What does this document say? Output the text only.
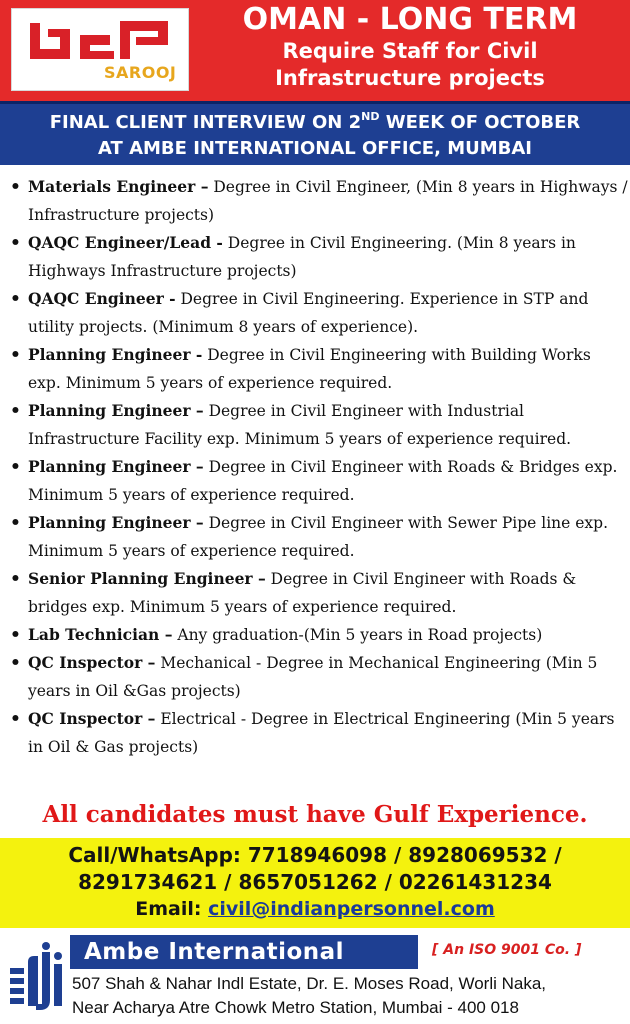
SAROOJ
OMAN - LONG TERM
Require Staff for Civil
Infrastructure projects
FINAL CLIENT INTERVIEW ON 2ND WEEK OF OCTOBER
AT AMBE INTERNATIONAL OFFICE, MUMBAI
• Materials Engineer – Degree in Civil Engineer, (Min 8 years in Highways / Infrastructure projects)
• QAQC Engineer/Lead - Degree in Civil Engineering. (Min 8 years in Highways Infrastructure projects)
• QAQC Engineer - Degree in Civil Engineering. Experience in STP and utility projects. (Minimum 8 years of experience).
• Planning Engineer - Degree in Civil Engineering with Building Works exp. Minimum 5 years of experience required.
• Planning Engineer – Degree in Civil Engineer with Industrial Infrastructure Facility exp. Minimum 5 years of experience required.
• Planning Engineer – Degree in Civil Engineer with Roads & Bridges exp. Minimum 5 years of experience required.
• Planning Engineer – Degree in Civil Engineer with Sewer Pipe line exp. Minimum 5 years of experience required.
• Senior Planning Engineer – Degree in Civil Engineer with Roads & bridges exp. Minimum 5 years of experience required.
• Lab Technician – Any graduation-(Min 5 years in Road projects)
• QC Inspector – Mechanical - Degree in Mechanical Engineering (Min 5 years in Oil &Gas projects)
• QC Inspector – Electrical - Degree in Electrical Engineering (Min 5 years in Oil & Gas projects)
All candidates must have Gulf Experience.
Call/WhatsApp: 7718946098 / 8928069532 /
8291734621 / 8657051262 / 02261431234
Email: civil@indianpersonnel.com
Ambe International	[ An ISO 9001 Co. ]
507 Shah & Nahar Indl Estate, Dr. E. Moses Road, Worli Naka,
Near Acharya Atre Chowk Metro Station, Mumbai - 400 018
